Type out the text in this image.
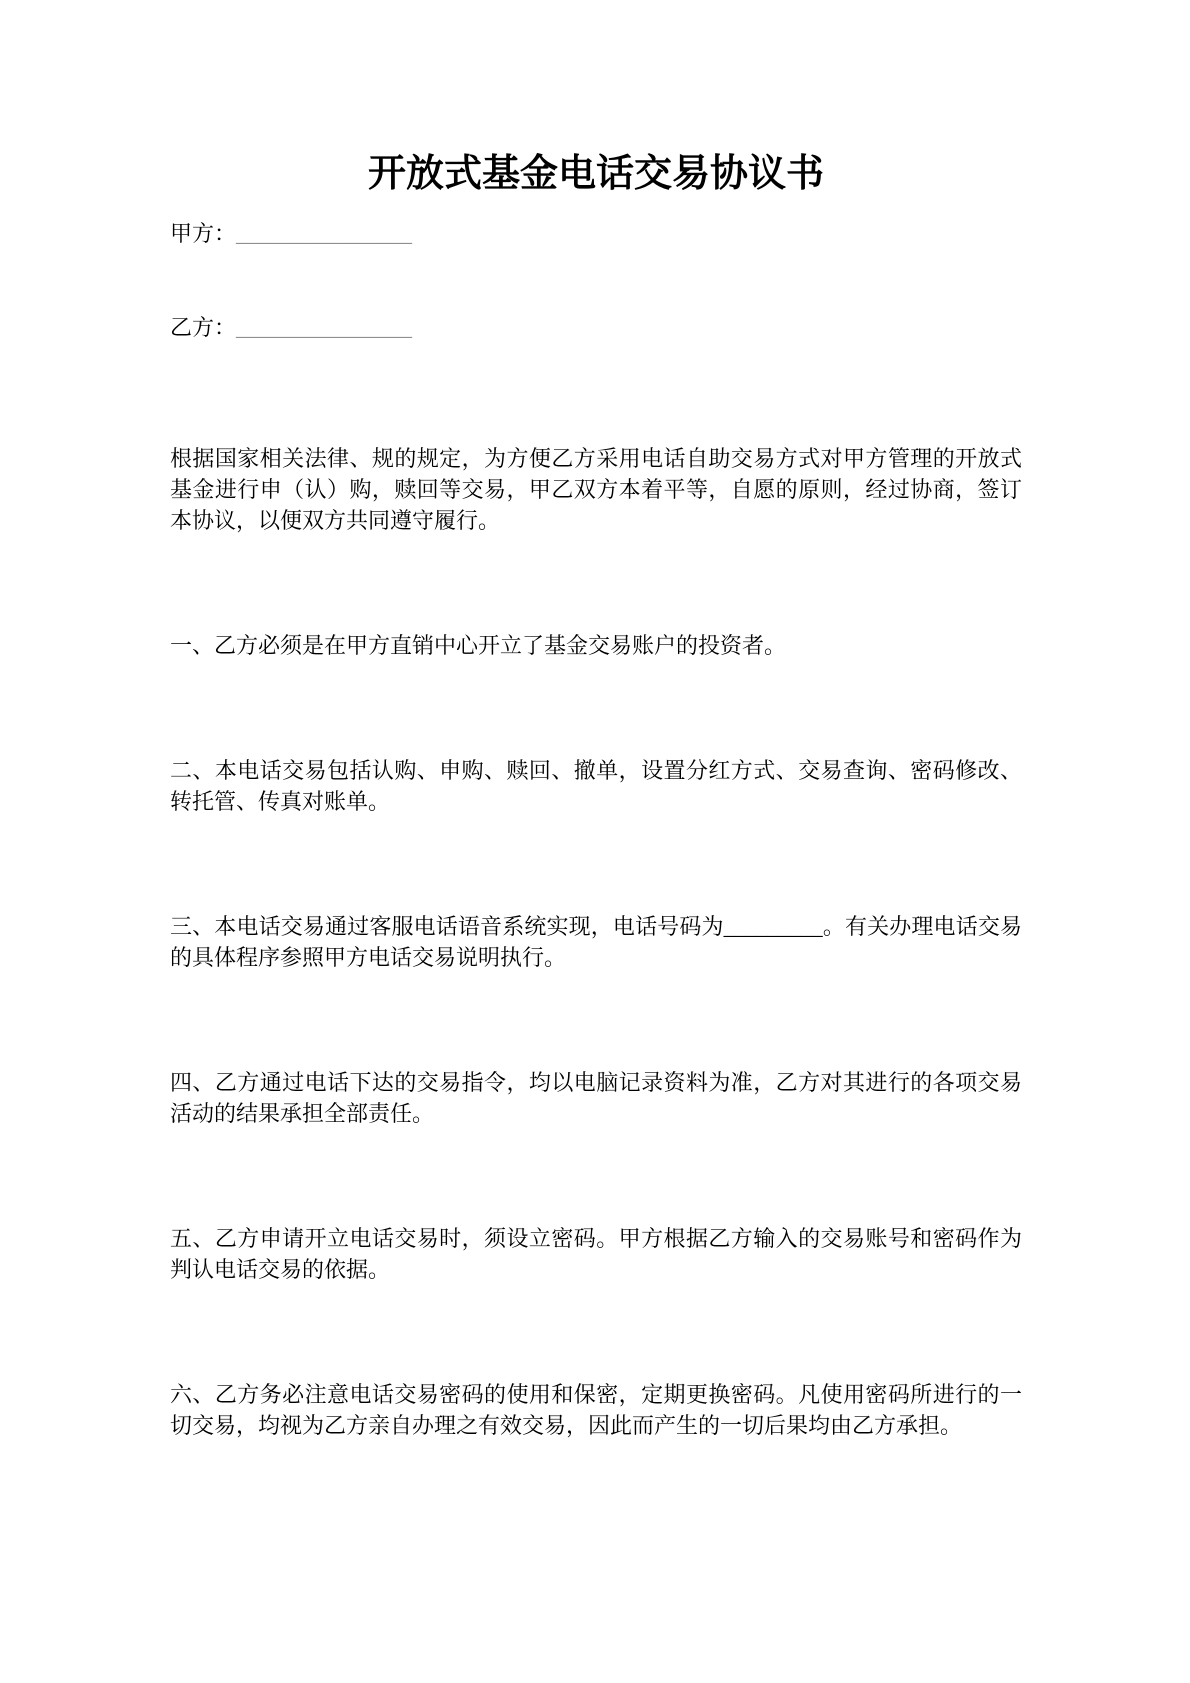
开放式基金电话交易协议书
甲方：________________
乙方：________________

根据国家相关法律、规的规定，为方便乙方采用电话自助交易方式对甲方管理的开放式基金进行申（认）购，赎回等交易，甲乙双方本着平等，自愿的原则，经过协商，签订本协议，以便双方共同遵守履行。

一、乙方必须是在甲方直销中心开立了基金交易账户的投资者。

二、本电话交易包括认购、申购、赎回、撤单，设置分红方式、交易查询、密码修改、转托管、传真对账单。

三、本电话交易通过客服电话语音系统实现，电话号码为_________。有关办理电话交易的具体程序参照甲方电话交易说明执行。

四、乙方通过电话下达的交易指令，均以电脑记录资料为准，乙方对其进行的各项交易活动的结果承担全部责任。

五、乙方申请开立电话交易时，须设立密码。甲方根据乙方输入的交易账号和密码作为判认电话交易的依据。

六、乙方务必注意电话交易密码的使用和保密，定期更换密码。凡使用密码所进行的一切交易，均视为乙方亲自办理之有效交易，因此而产生的一切后果均由乙方承担。
